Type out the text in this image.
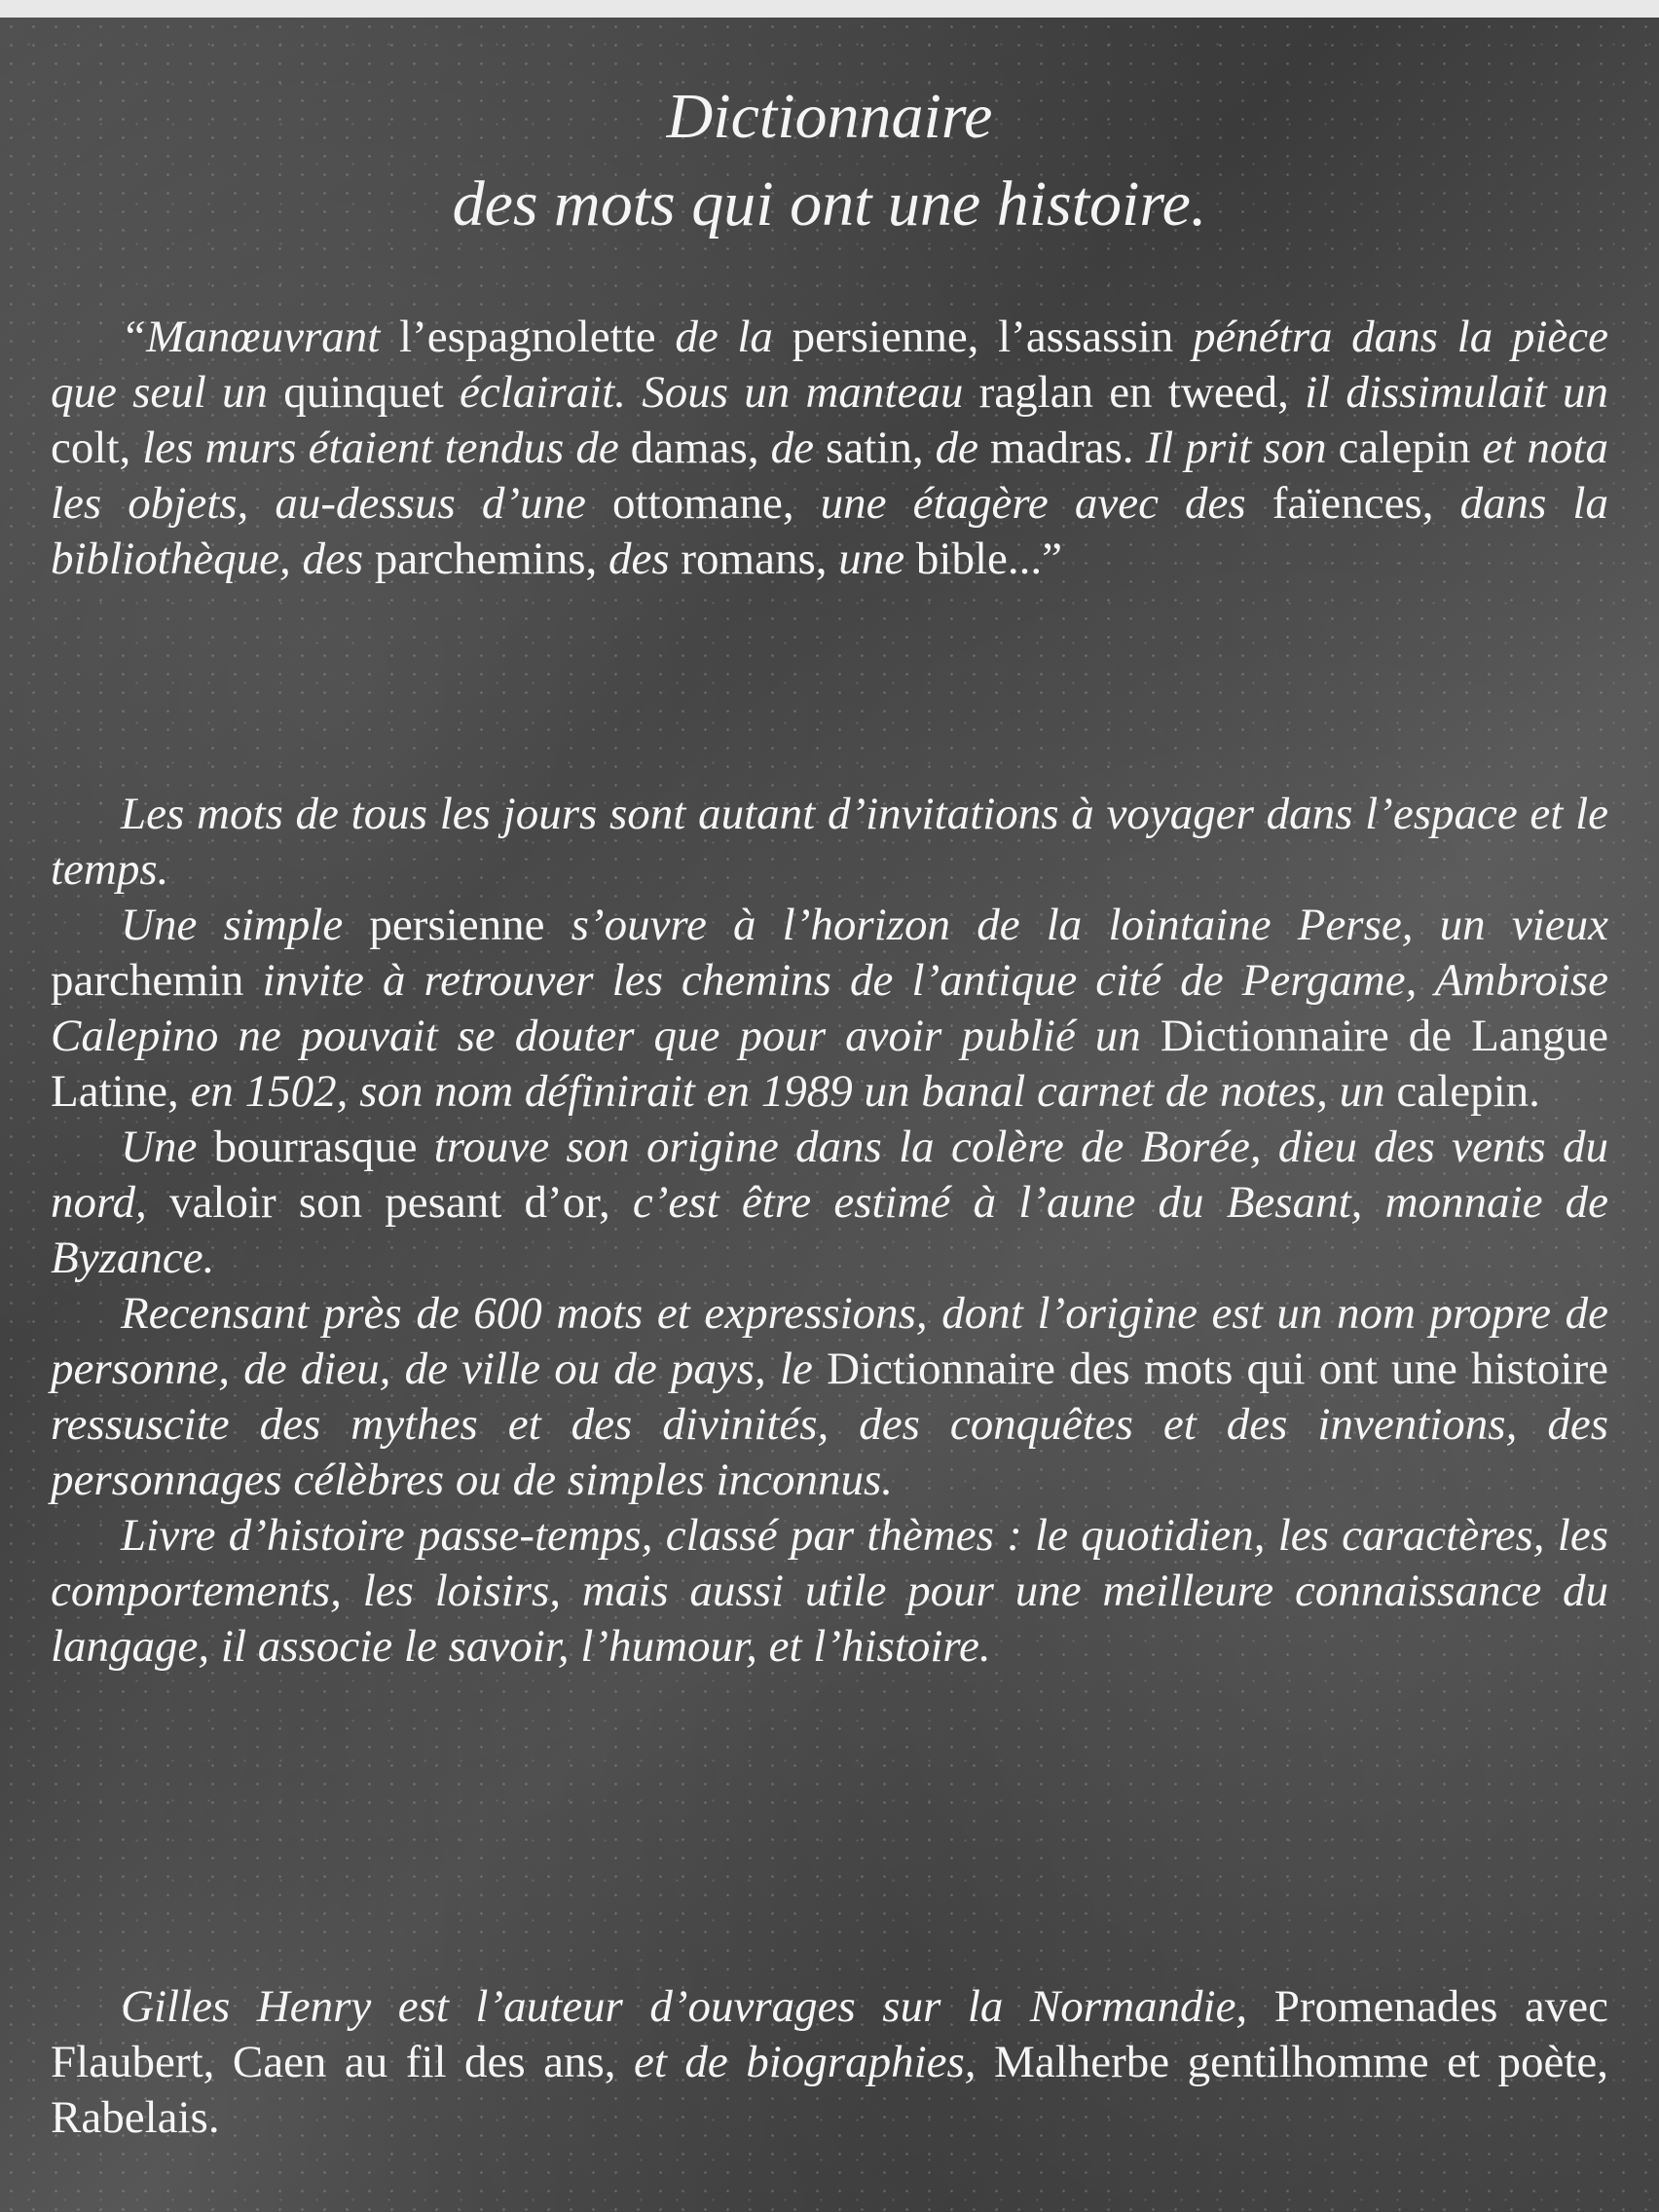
Dictionnaire
des mots qui ont une histoire.

“Manœuvrant l’espagnolette de la persienne, l’assassin pénétra dans la pièce que seul un quinquet éclairait. Sous un manteau raglan en tweed, il dissimulait un colt, les murs étaient tendus de damas, de satin, de madras. Il prit son calepin et nota les objets, au-dessus d’une ottomane, une étagère avec des faïences, dans la bibliothèque, des parchemins, des romans, une bible...”

Les mots de tous les jours sont autant d’invitations à voyager dans l’espace et le temps.

Une simple persienne s’ouvre à l’horizon de la lointaine Perse, un vieux parchemin invite à retrouver les chemins de l’antique cité de Pergame, Ambroise Calepino ne pouvait se douter que pour avoir publié un Dictionnaire de Langue Latine, en 1502, son nom définirait en 1989 un banal carnet de notes, un calepin.

Une bourrasque trouve son origine dans la colère de Borée, dieu des vents du nord, valoir son pesant d’or, c’est être estimé à l’aune du Besant, monnaie de Byzance.

Recensant près de 600 mots et expressions, dont l’origine est un nom propre de personne, de dieu, de ville ou de pays, le Dictionnaire des mots qui ont une histoire ressuscite des mythes et des divinités, des conquêtes et des inventions, des personnages célèbres ou de simples inconnus.

Livre d’histoire passe-temps, classé par thèmes : le quotidien, les caractères, les comportements, les loisirs, mais aussi utile pour une meilleure connaissance du langage, il associe le savoir, l’humour, et l’histoire.

Gilles Henry est l’auteur d’ouvrages sur la Normandie, Promenades avec Flaubert, Caen au fil des ans, et de biographies, Malherbe gentilhomme et poète, Rabelais.
